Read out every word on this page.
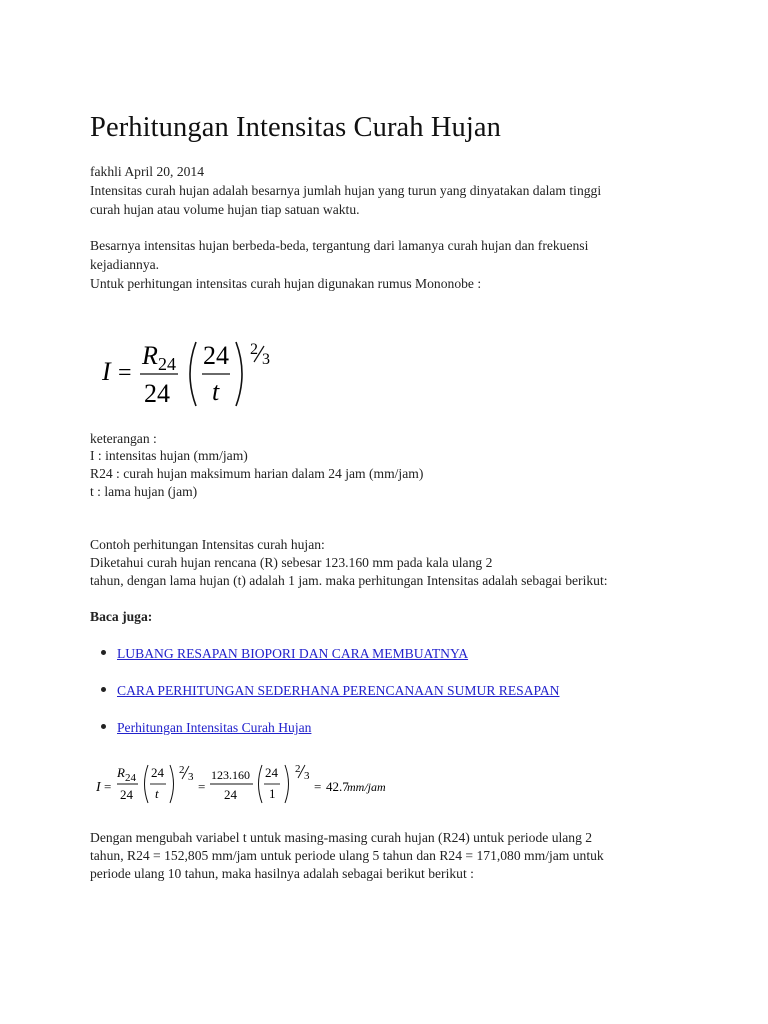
Perhitungan Intensitas Curah Hujan
fakhli April 20, 2014
Intensitas curah hujan adalah besarnya jumlah hujan yang turun yang dinyatakan dalam tinggi
curah hujan atau volume hujan tiap satuan waktu.
Besarnya intensitas hujan berbeda-beda, tergantung dari lamanya curah hujan dan frekuensi
kejadiannya.
Untuk perhitungan intensitas curah hujan digunakan rumus Mononobe :
I =
R 24
24
24
t
2
3
keterangan :
I : intensitas hujan (mm/jam)
R24 : curah hujan maksimum harian dalam 24 jam (mm/jam)
t : lama hujan (jam)
Contoh perhitungan Intensitas curah hujan:
Diketahui curah hujan rencana (R) sebesar 123.160 mm pada kala ulang 2
tahun, dengan lama hujan (t) adalah 1 jam. maka perhitungan Intensitas adalah sebagai berikut:
Baca juga:
LUBANG RESAPAN BIOPORI DAN CARA MEMBUATNYA
CARA PERHITUNGAN SEDERHANA PERENCANAAN SUMUR RESAPAN
Perhitungan Intensitas Curah Hujan
I =
R 24
24
24
t
2
3
=
123.160
24
24
1
2
3
= 42.7
mm/jam
Dengan mengubah variabel t untuk masing-masing curah hujan (R24) untuk periode ulang 2
tahun, R24 = 152,805 mm/jam untuk periode ulang 5 tahun dan R24 = 171,080 mm/jam untuk
periode ulang 10 tahun, maka hasilnya adalah sebagai berikut berikut :
